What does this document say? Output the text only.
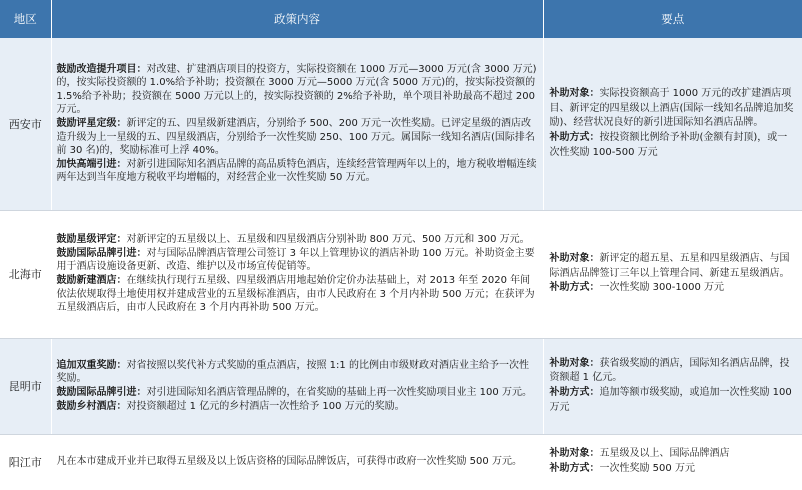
地区	政策内容	要点
西安市	鼓励改造提升项目：对改建、扩建酒店项目的投资方，实际投资额在 1000 万元—3000 万元(含 3000 万元)的，按实际投资额的 1.0%给予补助；投资额在 3000 万元—5000 万元(含 5000 万元)的，按实际投资额的 1.5%给予补助；投资额在 5000 万元以上的，按实际投资额的 2%给予补助，单个项目补助最高不超过 200 万元。
鼓励评星定级：新评定的五、四星级新建酒店，分别给予 500、200 万元一次性奖励。已评定星级的酒店改造升级为上一星级的五、四星级酒店，分别给予一次性奖励 250、100 万元。属国际一线知名酒店(国际排名前 30 名)的，奖励标准可上浮 40%。
加快高端引进：对新引进国际知名酒店品牌的高品质特色酒店，连续经营管理两年以上的，地方税收增幅连续两年达到当年度地方税收平均增幅的，对经营企业一次性奖励 50 万元。	补助对象：实际投资额高于 1000 万元的改扩建酒店项目、新评定的四星级以上酒店(国际一线知名品牌追加奖励)、经营状况良好的新引进国际知名酒店品牌。
补助方式：按投资额比例给予补助(金额有封顶)，或一次性奖励 100-500 万元

北海市	鼓励星级评定：对新评定的五星级以上、五星级和四星级酒店分别补助 800 万元、500 万元和 300 万元。
鼓励国际品牌引进：对与国际品牌酒店管理公司签订 3 年以上管理协议的酒店补助 100 万元。补助资金主要用于酒店设施设备更新、改造、维护以及市场宣传促销等。
鼓励新建酒店：在继续执行现行五星级、四星级酒店用地起始价定价办法基础上，对 2013 年至 2020 年间依法依规取得土地使用权并建成营业的五星级标准酒店，由市人民政府在 3 个月内补助 500 万元；在获评为五星级酒店后，由市人民政府在 3 个月内再补助 500 万元。	补助对象：新评定的超五星、五星和四星级酒店、与国际酒店品牌签订三年以上管理合同、新建五星级酒店。
补助方式：一次性奖励 300-1000 万元

昆明市	追加双重奖励：对省按照以奖代补方式奖励的重点酒店，按照 1:1 的比例由市级财政对酒店业主给予一次性奖励。
鼓励国际品牌引进：对引进国际知名酒店管理品牌的，在省奖励的基础上再一次性奖励项目业主 100 万元。
鼓励乡村酒店：对投资额超过 1 亿元的乡村酒店一次性给予 100 万元的奖励。	补助对象：获省级奖励的酒店，国际知名酒店品牌，投资额超 1 亿元。
补助方式：追加等额市级奖励，或追加一次性奖励 100 万元

阳江市	凡在本市建成开业并已取得五星级及以上饭店资格的国际品牌饭店，可获得市政府一次性奖励 500 万元。	补助对象：五星级及以上、国际品牌酒店
补助方式：一次性奖励 500 万元
